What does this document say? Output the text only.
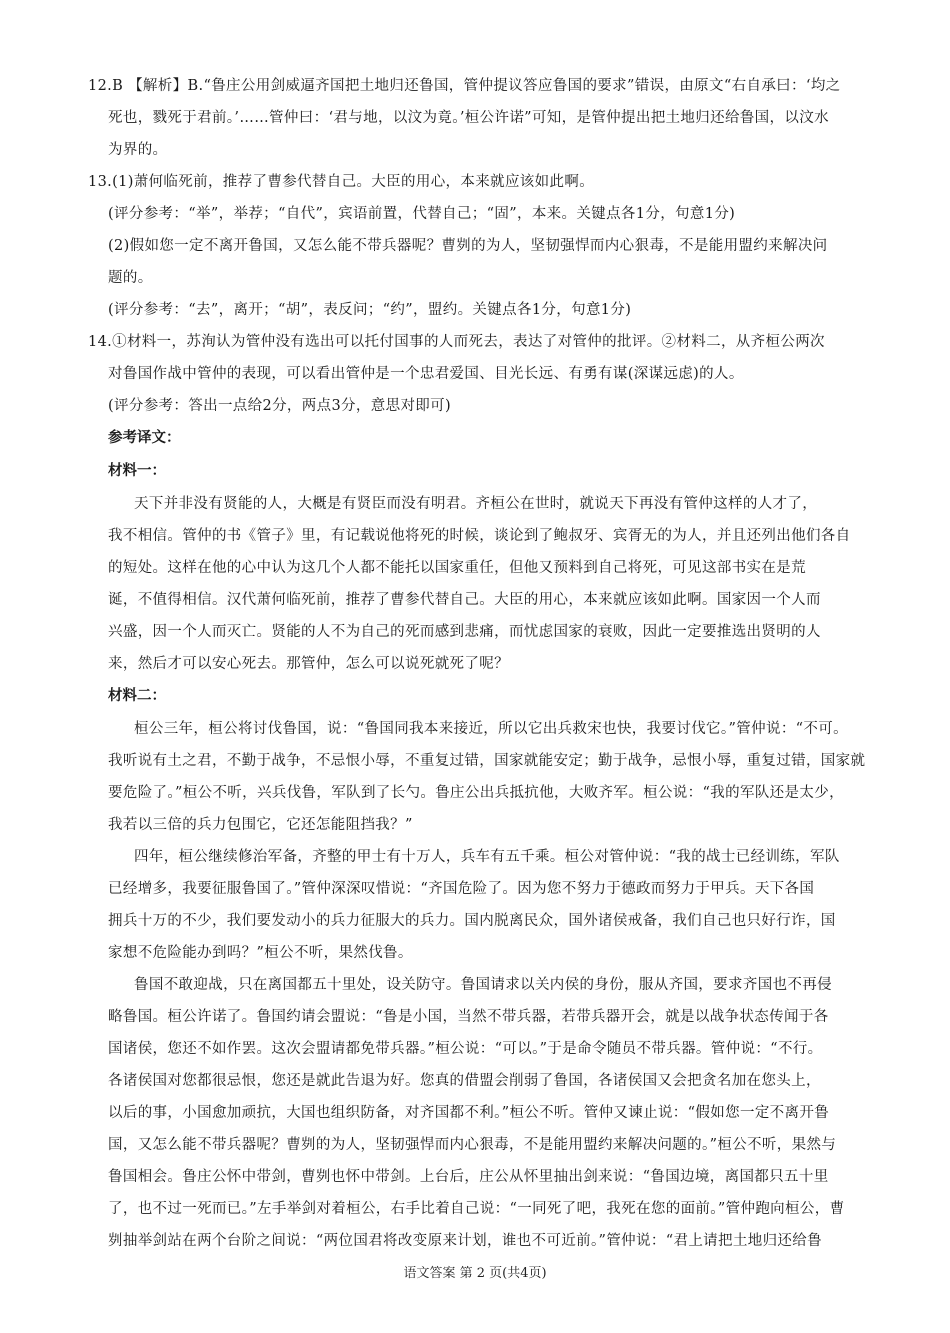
12.B 【解析】B.“鲁庄公用剑威逼齐国把土地归还鲁国，管仲提议答应鲁国的要求”错误，由原文“右自承曰：‘均之

死也，戮死于君前。’……管仲曰：‘君与地，以汶为竟。’桓公许诺”可知，是管仲提出把土地归还给鲁国，以汶水

为界的。

13.(1)萧何临死前，推荐了曹参代替自己。大臣的用心，本来就应该如此啊。

(评分参考：“举”，举荐；“自代”，宾语前置，代替自己；“固”，本来。关键点各1分，句意1分)

(2)假如您一定不离开鲁国，又怎么能不带兵器呢？曹刿的为人，坚韧强悍而内心狠毒，不是能用盟约来解决问

题的。

(评分参考：“去”，离开；“胡”，表反问；“约”，盟约。关键点各1分，句意1分)

14.①材料一，苏洵认为管仲没有选出可以托付国事的人而死去，表达了对管仲的批评。②材料二，从齐桓公两次

对鲁国作战中管仲的表现，可以看出管仲是一个忠君爱国、目光长远、有勇有谋(深谋远虑)的人。

(评分参考：答出一点给2分，两点3分，意思对即可)

参考译文：

材料一：

天下并非没有贤能的人，大概是有贤臣而没有明君。齐桓公在世时，就说天下再没有管仲这样的人才了，

我不相信。管仲的书《管子》里，有记载说他将死的时候，谈论到了鲍叔牙、宾胥无的为人，并且还列出他们各自

的短处。这样在他的心中认为这几个人都不能托以国家重任，但他又预料到自己将死，可见这部书实在是荒

诞，不值得相信。汉代萧何临死前，推荐了曹参代替自己。大臣的用心，本来就应该如此啊。国家因一个人而

兴盛，因一个人而灭亡。贤能的人不为自己的死而感到悲痛，而忧虑国家的衰败，因此一定要推选出贤明的人

来，然后才可以安心死去。那管仲，怎么可以说死就死了呢？

材料二：

桓公三年，桓公将讨伐鲁国，说：“鲁国同我本来接近，所以它出兵救宋也快，我要讨伐它。”管仲说：“不可。

我听说有土之君，不勤于战争，不忌恨小辱，不重复过错，国家就能安定；勤于战争，忌恨小辱，重复过错，国家就

要危险了。”桓公不听，兴兵伐鲁，军队到了长勺。鲁庄公出兵抵抗他，大败齐军。桓公说：“我的军队还是太少，

我若以三倍的兵力包围它，它还怎能阻挡我？”

四年，桓公继续修治军备，齐整的甲士有十万人，兵车有五千乘。桓公对管仲说：“我的战士已经训练，军队

已经增多，我要征服鲁国了。”管仲深深叹惜说：“齐国危险了。因为您不努力于德政而努力于甲兵。天下各国

拥兵十万的不少，我们要发动小的兵力征服大的兵力。国内脱离民众，国外诸侯戒备，我们自己也只好行诈，国

家想不危险能办到吗？”桓公不听，果然伐鲁。

鲁国不敢迎战，只在离国都五十里处，设关防守。鲁国请求以关内侯的身份，服从齐国，要求齐国也不再侵

略鲁国。桓公许诺了。鲁国约请会盟说：“鲁是小国，当然不带兵器，若带兵器开会，就是以战争状态传闻于各

国诸侯，您还不如作罢。这次会盟请都免带兵器。”桓公说：“可以。”于是命令随员不带兵器。管仲说：“不行。

各诸侯国对您都很忌恨，您还是就此告退为好。您真的借盟会削弱了鲁国，各诸侯国又会把贪名加在您头上，

以后的事，小国愈加顽抗，大国也组织防备，对齐国都不利。”桓公不听。管仲又谏止说：“假如您一定不离开鲁

国，又怎么能不带兵器呢？曹刿的为人，坚韧强悍而内心狠毒，不是能用盟约来解决问题的。”桓公不听，果然与

鲁国相会。鲁庄公怀中带剑，曹刿也怀中带剑。上台后，庄公从怀里抽出剑来说：“鲁国边境，离国都只五十里

了，也不过一死而已。”左手举剑对着桓公，右手比着自己说：“一同死了吧，我死在您的面前。”管仲跑向桓公，曹

刿抽举剑站在两个台阶之间说：“两位国君将改变原来计划，谁也不可近前。”管仲说：“君上请把土地归还给鲁

语文答案 第 2 页(共4页)
